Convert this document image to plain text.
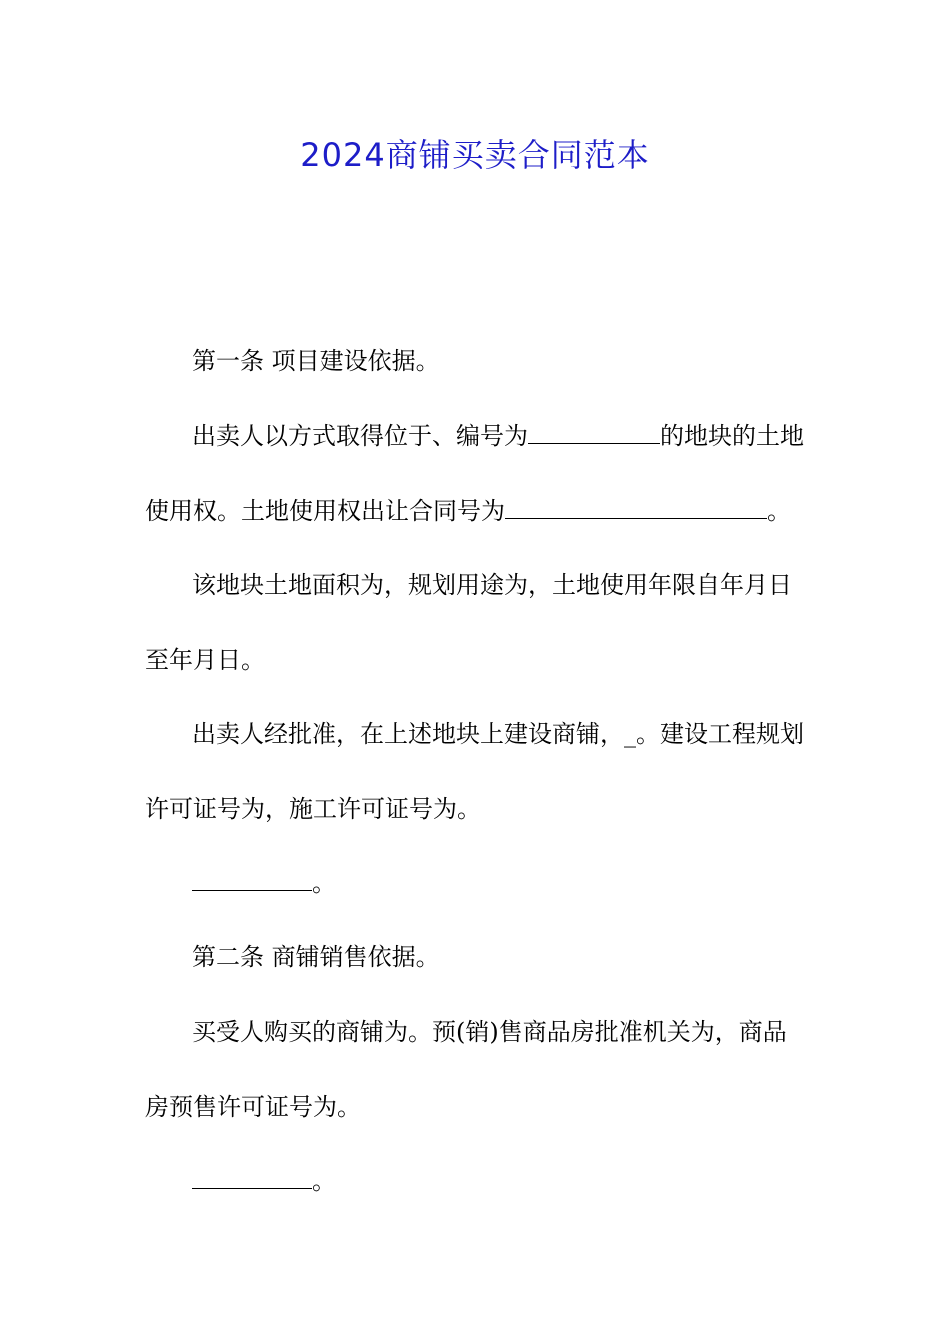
2024商铺买卖合同范本

第一条 项目建设依据。

出卖人以方式取得位于、编号为	的地块的土地

使用权。土地使用权出让合同号为	。

该地块土地面积为，规划用途为，土地使用年限自年月日

至年月日。

出卖人经批准，在上述地块上建设商铺，_。建设工程规划

许可证号为，施工许可证号为。

。

第二条 商铺销售依据。

买受人购买的商铺为。预(销)售商品房批准机关为，商品

房预售许可证号为。

。
